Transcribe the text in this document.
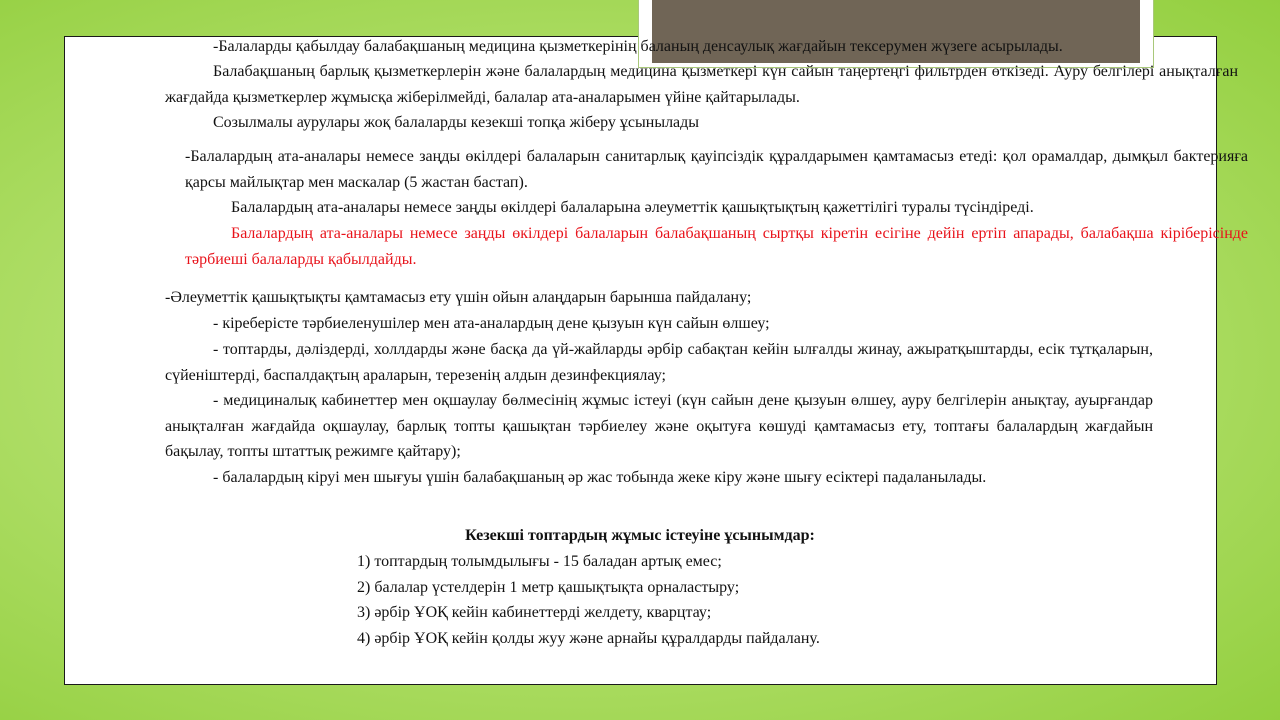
-Балаларды қабылдау балабақшаның медицина қызметкерінің баланың денсаулық жағдайын тексерумен жүзеге асырылады.

Балабақшаның барлық қызметкерлерін және балалардың медицина қызметкері күн сайын таңертеңгі фильтрден өткізеді. Ауру белгілері анықталған жағдайда қызметкерлер жұмысқа жіберілмейді, балалар ата-аналарымен үйіне қайтарылады.

Созылмалы аурулары жоқ балаларды кезекші топқа жіберу ұсынылады

-Балалардың ата-аналары немесе заңды өкілдері балаларын санитарлық қауіпсіздік құралдарымен қамтамасыз етеді: қол орамалдар, дымқыл бактерияға қарсы майлықтар мен маскалар (5 жастан бастап).

Балалардың ата-аналары немесе заңды өкілдері балаларына әлеуметтік қашықтықтың қажеттілігі туралы түсіндіреді.

Балалардың ата-аналары немесе заңды өкілдері балаларын балабақшаның сыртқы кіретін есігіне дейін ертіп апарады, балабақша кіріберісінде тәрбиеші балаларды қабылдайды.

-Әлеуметтік қашықтықты қамтамасыз ету үшін ойын алаңдарын барынша пайдалану;

- кіреберісте тәрбиеленушілер мен ата-аналардың дене қызуын күн сайын өлшеу;

- топтарды, дәліздерді, холлдарды және басқа да үй-жайларды әрбір сабақтан кейін ылғалды жинау, ажыратқыштарды, есік тұтқаларын, сүйеніштерді, баспалдақтың араларын, терезенің алдын дезинфекциялау;

- медициналық кабинеттер мен оқшаулау бөлмесінің жұмыс істеуі (күн сайын дене қызуын өлшеу, ауру белгілерін анықтау, ауырғандар анықталған жағдайда оқшаулау, барлық топты қашықтан тәрбиелеу және оқытуға көшуді қамтамасыз ету, топтағы балалардың жағдайын бақылау, топты штаттық режимге қайтару);

- балалардың кіруі мен шығуы үшін балабақшаның әр жас тобында жеке кіру және шығу есіктері падаланылады.

Кезекші топтардың жұмыс істеуіне ұсынымдар:

1) топтардың толымдылығы - 15 баладан артық емес;

2) балалар үстелдерін 1 метр қашықтықта орналастыру;

3) әрбір ҰОҚ кейін кабинеттерді желдету, кварцтау;

4) әрбір ҰОҚ кейін қолды жуу және арнайы құралдарды пайдалану.
